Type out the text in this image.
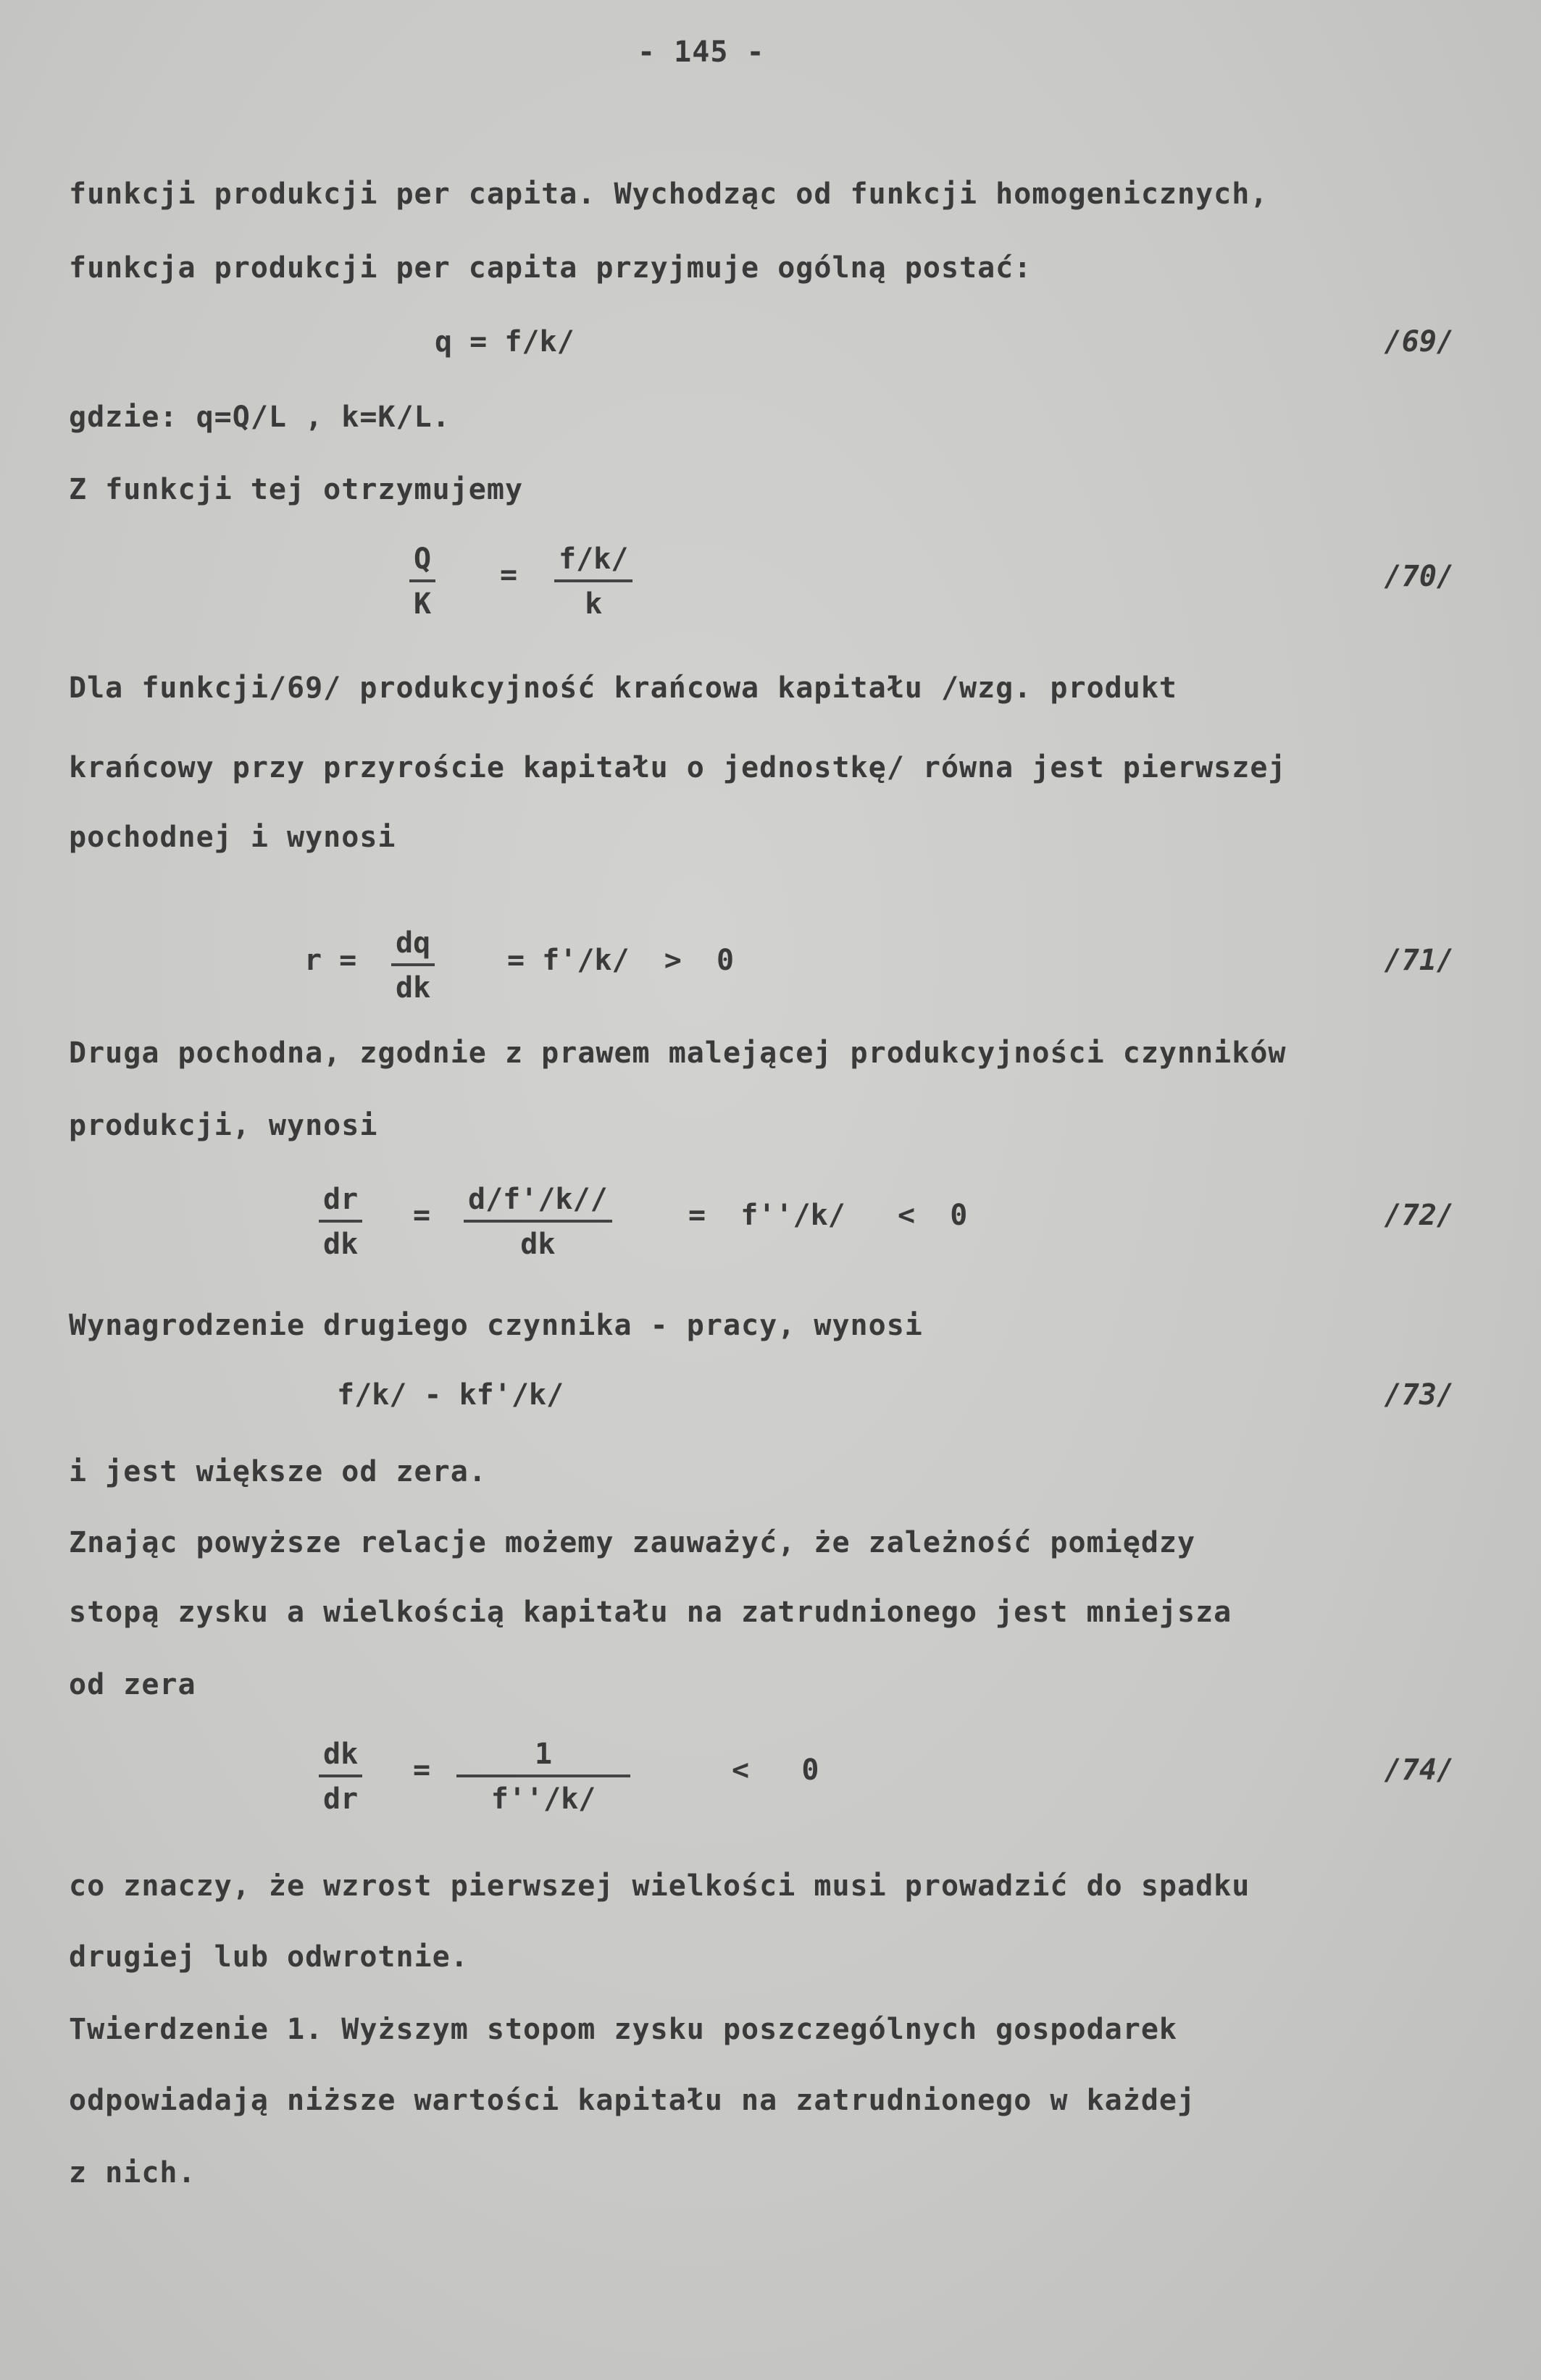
- 145 -
funkcji produkcji per capita. Wychodząc od funkcji homogenicznych,
funkcja produkcji per capita przyjmuje ogólną postać:
q = f/k/	/69/
gdzie: q=Q/L , k=K/L.
Z funkcji tej otrzymujemy
$\frac{Q}{K} = \frac{f/k/}{k}$	/70/
Dla funkcji/69/ produkcyjność krańcowa kapitału /wzg. produkt
krańcowy przy przyroście kapitału o jednostkę/ równa jest pierwszej
pochodnej i wynosi
$r = \frac{dq}{dk} = f'/k/ > 0$	/71/
Druga pochodna, zgodnie z prawem malejącej produkcyjności czynników
produkcji, wynosi
$\frac{dr}{dk} = \frac{d/f'/k//}{dk}$	=  f''/k/   <  0	/72/
Wynagrodzenie drugiego czynnika - pracy, wynosi
f/k/ - kf'/k/	/73/
i jest większe od zera.
Znając powyższe relacje możemy zauważyć, że zależność pomiędzy
stopą zysku a wielkością kapitału na zatrudnionego jest mniejsza
od zera
$\frac{dk}{dr} = \frac{1}{f''/k/}$	<   0	/74/
co znaczy, że wzrost pierwszej wielkości musi prowadzić do spadku
drugiej lub odwrotnie.
Twierdzenie 1. Wyższym stopom zysku poszczególnych gospodarek
odpowiadają niższe wartości kapitału na zatrudnionego w każdej
z nich.
